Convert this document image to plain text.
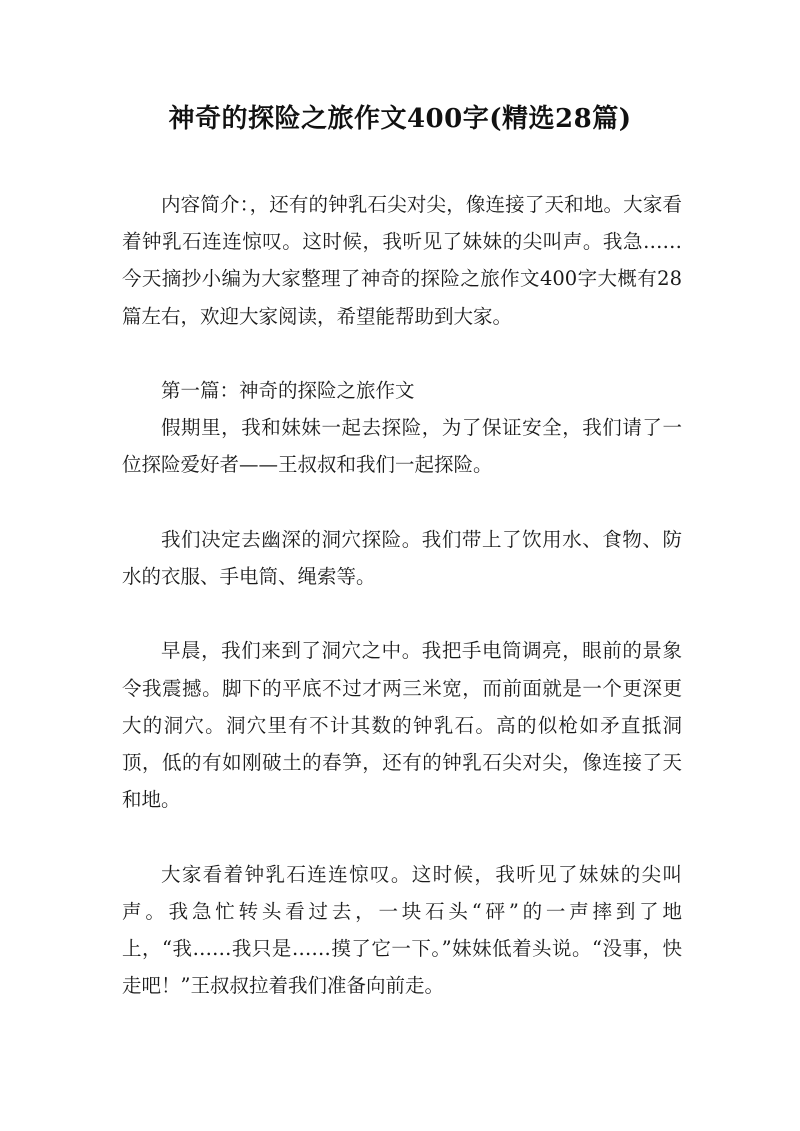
神奇的探险之旅作文400字(精选28篇)

内容简介：，还有的钟乳石尖对尖，像连接了天和地。大家看着钟乳石连连惊叹。这时候，我听见了妹妹的尖叫声。我急……今天摘抄小编为大家整理了神奇的探险之旅作文400字大概有28篇左右，欢迎大家阅读，希望能帮助到大家。

第一篇：神奇的探险之旅作文

假期里，我和妹妹一起去探险，为了保证安全，我们请了一位探险爱好者——王叔叔和我们一起探险。

我们决定去幽深的洞穴探险。我们带上了饮用水、食物、防水的衣服、手电筒、绳索等。

早晨，我们来到了洞穴之中。我把手电筒调亮，眼前的景象令我震撼。脚下的平底不过才两三米宽，而前面就是一个更深更大的洞穴。洞穴里有不计其数的钟乳石。高的似枪如矛直抵洞顶，低的有如刚破土的春笋，还有的钟乳石尖对尖，像连接了天和地。

大家看着钟乳石连连惊叹。这时候，我听见了妹妹的尖叫声。我急忙转头看过去，一块石头“砰”的一声摔到了地上，“我……我只是……摸了它一下。”妹妹低着头说。“没事，快走吧！”王叔叔拉着我们准备向前走。
